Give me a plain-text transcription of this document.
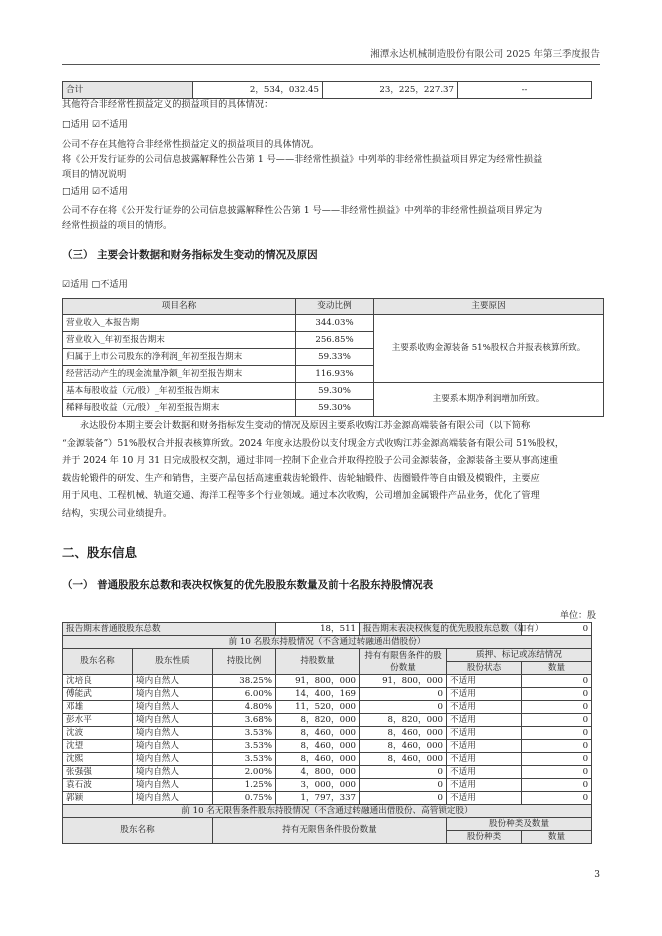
湘潭永达机械制造股份有限公司 2025 年第三季度报告
合计	2，534，032.45	23，225，227.37	--
其他符合非经常性损益定义的损益项目的具体情况：
□适用 ☑不适用
公司不存在其他符合非经常性损益定义的损益项目的具体情况。
将《公开发行证券的公司信息披露解释性公告第 1 号——非经常性损益》中列举的非经常性损益项目界定为经常性损益
项目的情况说明
□适用 ☑不适用
公司不存在将《公开发行证券的公司信息披露解释性公告第 1 号——非经常性损益》中列举的非经常性损益项目界定为
经常性损益的项目的情形。
（三） 主要会计数据和财务指标发生变动的情况及原因
☑适用 □不适用
项目名称	变动比例	主要原因
营业收入_本报告期	344.03%	主要系收购金源装备 51%股权合并报表核算所致。
营业收入_年初至报告期末	256.85%	
归属于上市公司股东的净利润_年初至报告期末	59.33%	
经营活动产生的现金流量净额_年初至报告期末	116.93%	
基本每股收益（元/股）_年初至报告期末	59.30%	主要系本期净利润增加所致。
稀释每股收益（元/股）_年初至报告期末	59.30%	
永达股份本期主要会计数据和财务指标发生变动的情况及原因主要系收购江苏金源高端装备有限公司（以下简称
“金源装备”）51%股权合并报表核算所致。2024 年度永达股份以支付现金方式收购江苏金源高端装备有限公司 51%股权，
并于 2024 年 10 月 31 日完成股权交割，通过非同一控制下企业合并取得控股子公司金源装备，金源装备主要从事高速重
载齿轮锻件的研发、生产和销售，主要产品包括高速重载齿轮锻件、齿轮轴锻件、齿圈锻件等自由锻及模锻件，主要应
用于风电、工程机械、轨道交通、海洋工程等多个行业领域。通过本次收购，公司增加金属锻件产品业务，优化了管理
结构，实现公司业绩提升。
二、股东信息
（一） 普通股股东总数和表决权恢复的优先股股东数量及前十名股东持股情况表
单位：股
报告期末普通股股东总数			18，511	报告期末表决权恢复的优先股股东总数（如有）		0
前 10 名股东持股情况（不含通过转融通出借股份）						
股东名称	股东性质	持股比例	持股数量	持有有限售条件的股份数量	质押、标记或冻结情况	
					股份状态	数量
沈培良	境内自然人	38.25%	91，800，000	91，800，000	不适用	0
傅能武	境内自然人	6.00%	14，400，169	0	不适用	0
邓雄	境内自然人	4.80%	11，520，000	0	不适用	0
彭水平	境内自然人	3.68%	8，820，000	8，820，000	不适用	0
沈波	境内自然人	3.53%	8，460，000	8，460，000	不适用	0
沈望	境内自然人	3.53%	8，460，000	8，460，000	不适用	0
沈熙	境内自然人	3.53%	8，460，000	8，460，000	不适用	0
张强强	境内自然人	2.00%	4，800，000	0	不适用	0
袁石波	境内自然人	1.25%	3，000，000	0	不适用	0
郭颖	境内自然人	0.75%	1，797，337	0	不适用	0
前 10 名无限售条件股东持股情况（不含通过转融通出借股份、高管锁定股）						
股东名称		持有无限售条件股份数量			股份种类及数量	
					股份种类	数量
3
